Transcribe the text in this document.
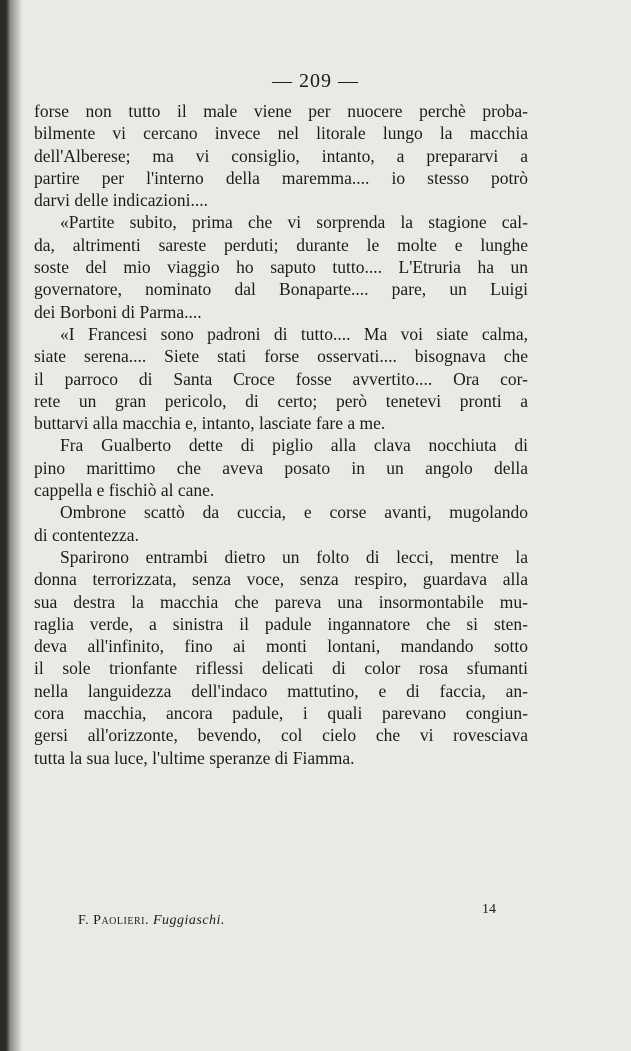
— 209 —
forse non tutto il male viene per nuocere perchè proba-
bilmente vi cercano invece nel litorale lungo la macchia
dell'Alberese; ma vi consiglio, intanto, a prepararvi a
partire per l'interno della maremma.... io stesso potrò
darvi delle indicazioni....
«Partite subito, prima che vi sorprenda la stagione cal-
da, altrimenti sareste perduti; durante le molte e lunghe
soste del mio viaggio ho saputo tutto.... L'Etruria ha un
governatore, nominato dal Bonaparte.... pare, un Luigi
dei Borboni di Parma....
«I Francesi sono padroni di tutto.... Ma voi siate calma,
siate serena.... Siete stati forse osservati.... bisognava che
il parroco di Santa Croce fosse avvertito.... Ora cor-
rete un gran pericolo, di certo; però tenetevi pronti a
buttarvi alla macchia e, intanto, lasciate fare a me.
Fra Gualberto dette di piglio alla clava nocchiuta di
pino marittimo che aveva posato in un angolo della
cappella e fischiò al cane.
Ombrone scattò da cuccia, e corse avanti, mugolando
di contentezza.
Sparirono entrambi dietro un folto di lecci, mentre la
donna terrorizzata, senza voce, senza respiro, guardava alla
sua destra la macchia che pareva una insormontabile mu-
raglia verde, a sinistra il padule ingannatore che si sten-
deva all'infinito, fino ai monti lontani, mandando sotto
il sole trionfante riflessi delicati di color rosa sfumanti
nella languidezza dell'indaco mattutino, e di faccia, an-
cora macchia, ancora padule, i quali parevano congiun-
gersi all'orizzonte, bevendo, col cielo che vi rovesciava
tutta la sua luce, l'ultime speranze di Fiamma.
F. Paolieri. Fuggiaschi.
14
